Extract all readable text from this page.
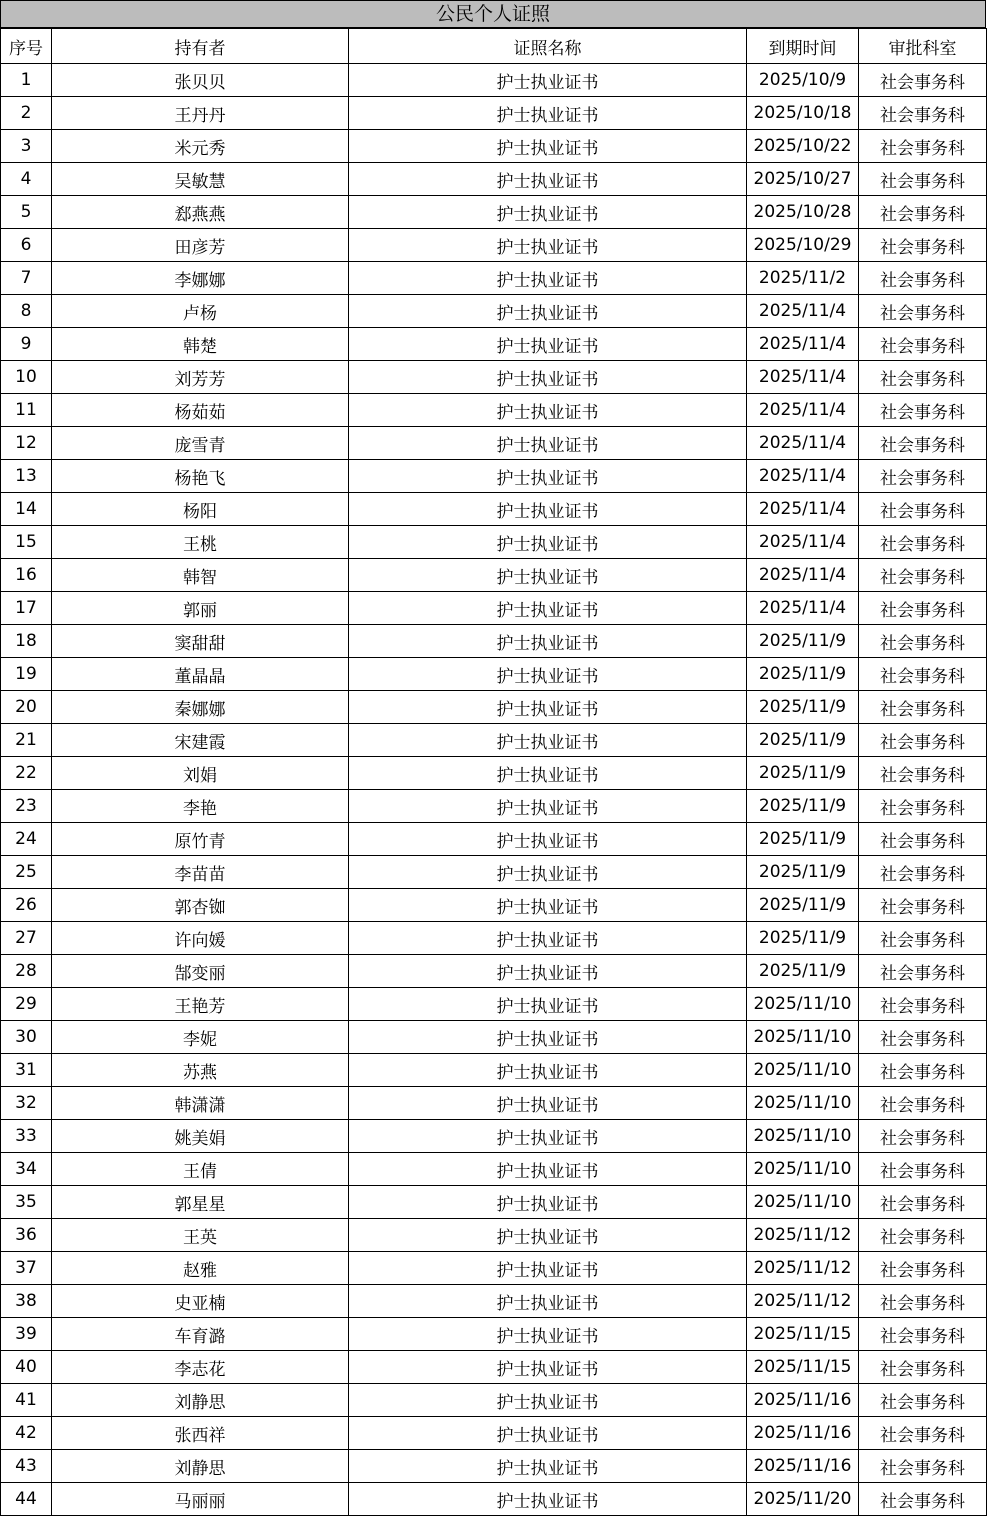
公民个人证照
序号	持有者	证照名称	到期时间	审批科室
1	张贝贝	护士执业证书	2025/10/9	社会事务科
2	王丹丹	护士执业证书	2025/10/18	社会事务科
3	米元秀	护士执业证书	2025/10/22	社会事务科
4	吴敏慧	护士执业证书	2025/10/27	社会事务科
5	郄燕燕	护士执业证书	2025/10/28	社会事务科
6	田彦芳	护士执业证书	2025/10/29	社会事务科
7	李娜娜	护士执业证书	2025/11/2	社会事务科
8	卢杨	护士执业证书	2025/11/4	社会事务科
9	韩楚	护士执业证书	2025/11/4	社会事务科
10	刘芳芳	护士执业证书	2025/11/4	社会事务科
11	杨茹茹	护士执业证书	2025/11/4	社会事务科
12	庞雪青	护士执业证书	2025/11/4	社会事务科
13	杨艳飞	护士执业证书	2025/11/4	社会事务科
14	杨阳	护士执业证书	2025/11/4	社会事务科
15	王桃	护士执业证书	2025/11/4	社会事务科
16	韩智	护士执业证书	2025/11/4	社会事务科
17	郭丽	护士执业证书	2025/11/4	社会事务科
18	窦甜甜	护士执业证书	2025/11/9	社会事务科
19	董晶晶	护士执业证书	2025/11/9	社会事务科
20	秦娜娜	护士执业证书	2025/11/9	社会事务科
21	宋建霞	护士执业证书	2025/11/9	社会事务科
22	刘娟	护士执业证书	2025/11/9	社会事务科
23	李艳	护士执业证书	2025/11/9	社会事务科
24	原竹青	护士执业证书	2025/11/9	社会事务科
25	李苗苗	护士执业证书	2025/11/9	社会事务科
26	郭杏铷	护士执业证书	2025/11/9	社会事务科
27	许向媛	护士执业证书	2025/11/9	社会事务科
28	郜变丽	护士执业证书	2025/11/9	社会事务科
29	王艳芳	护士执业证书	2025/11/10	社会事务科
30	李妮	护士执业证书	2025/11/10	社会事务科
31	苏燕	护士执业证书	2025/11/10	社会事务科
32	韩潇潇	护士执业证书	2025/11/10	社会事务科
33	姚美娟	护士执业证书	2025/11/10	社会事务科
34	王倩	护士执业证书	2025/11/10	社会事务科
35	郭星星	护士执业证书	2025/11/10	社会事务科
36	王英	护士执业证书	2025/11/12	社会事务科
37	赵雅	护士执业证书	2025/11/12	社会事务科
38	史亚楠	护士执业证书	2025/11/12	社会事务科
39	车育潞	护士执业证书	2025/11/15	社会事务科
40	李志花	护士执业证书	2025/11/15	社会事务科
41	刘静思	护士执业证书	2025/11/16	社会事务科
42	张西祥	护士执业证书	2025/11/16	社会事务科
43	刘静思	护士执业证书	2025/11/16	社会事务科
44	马丽丽	护士执业证书	2025/11/20	社会事务科
